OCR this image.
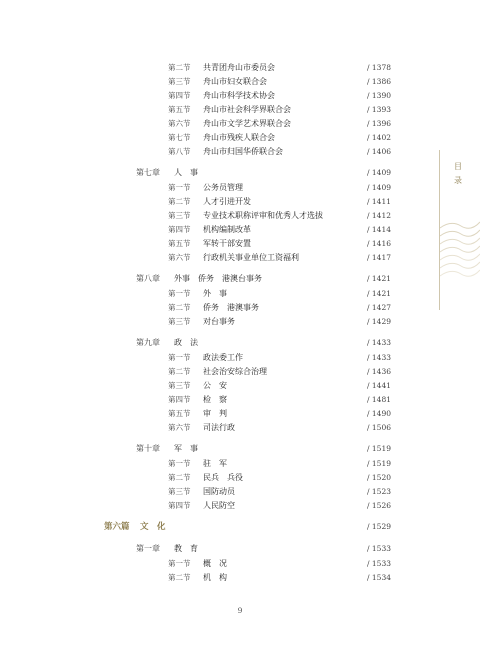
第二节 共青团舟山市委员会	/ 1378
第三节 舟山市妇女联合会	/ 1386
第四节 舟山市科学技术协会	/ 1390
第五节 舟山市社会科学界联合会	/ 1393
第六节 舟山市文学艺术界联合会	/ 1396
第七节 舟山市残疾人联合会	/ 1402
第八节 舟山市归国华侨联合会	/ 1406
第七章 人　事	/ 1409
第一节 公务员管理	/ 1409
第二节 人才引进开发	/ 1411
第三节 专业技术职称评审和优秀人才选拔	/ 1412
第四节 机构编制改革	/ 1414
第五节 军转干部安置	/ 1416
第六节 行政机关事业单位工资福利	/ 1417
第八章 外事　侨务　港澳台事务	/ 1421
第一节 外　事	/ 1421
第二节 侨务　港澳事务	/ 1427
第三节 对台事务	/ 1429
第九章 政　法	/ 1433
第一节 政法委工作	/ 1433
第二节 社会治安综合治理	/ 1436
第三节 公　安	/ 1441
第四节 检　察	/ 1481
第五节 审　判	/ 1490
第六节 司法行政	/ 1506
第十章 军　事	/ 1519
第一节 驻　军	/ 1519
第二节 民兵　兵役	/ 1520
第三节 国防动员	/ 1523
第四节 人民防空	/ 1526
第六篇 文　化	/ 1529
第一章 教　育	/ 1533
第一节 概　况	/ 1533
第二节 机　构	/ 1534
目录
9
